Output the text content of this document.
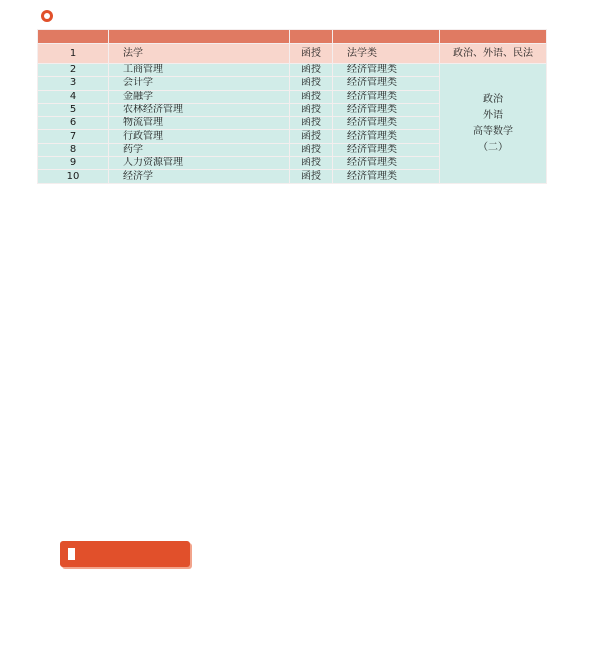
1	法学	函授	法学类	政治、外语、民法

2	工商管理	函授	经济管理类	政治
外语
高等数学
（二）

3	会计学	函授	经济管理类	
4	金融学	函授	经济管理类	
5	农林经济管理	函授	经济管理类	
6	物流管理	函授	经济管理类	
7	行政管理	函授	经济管理类	
8	药学	函授	经济管理类	
9	人力资源管理	函授	经济管理类	
10	经济学	函授	经济管理类	
